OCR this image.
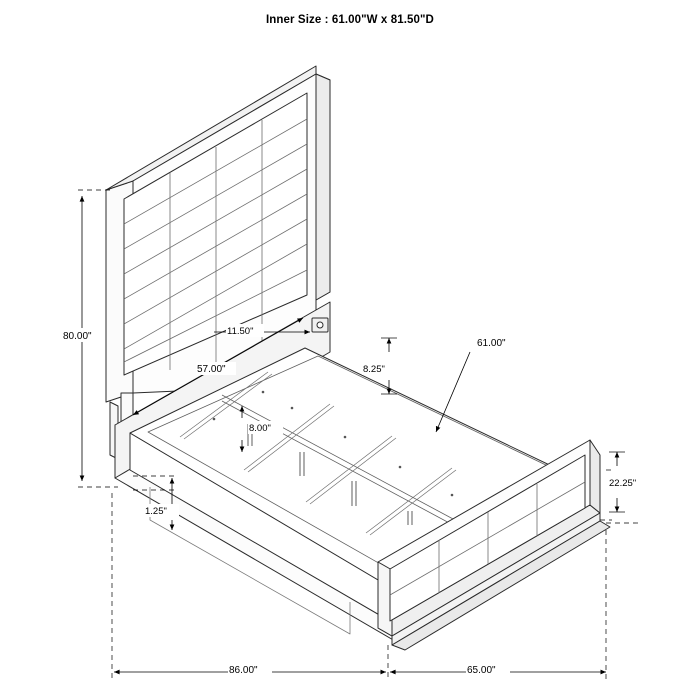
Inner Size : 61.00"W x 81.50"D
80.00"	11.50"
57.00"	8.25"
61.00"
8.00"
22.25"
1.25"
86.00"	65.00"
